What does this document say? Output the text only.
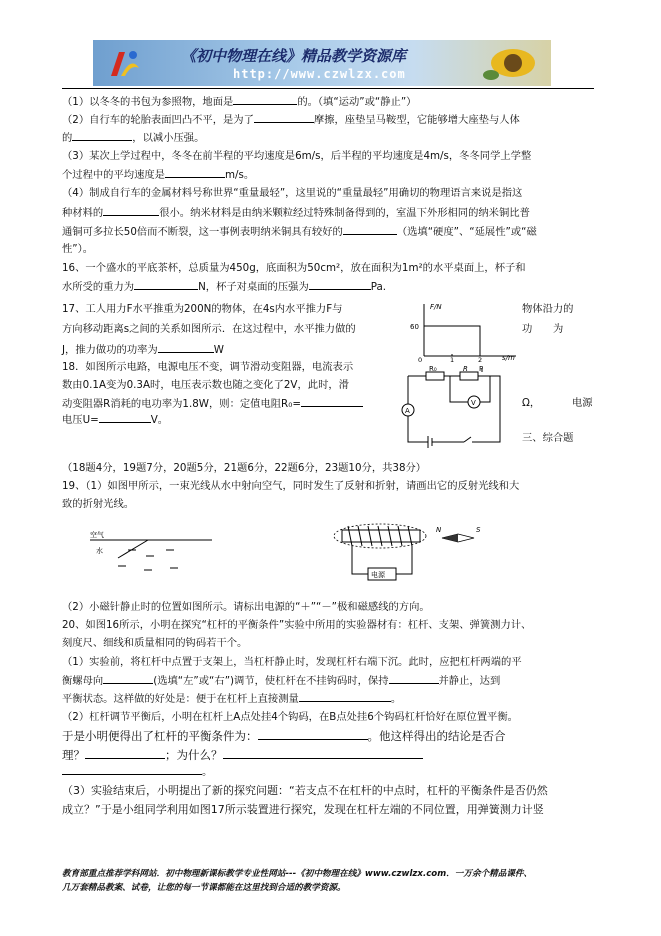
《初中物理在线》精品教学资源库
http://www.czwlzx.com
（1）以冬冬的书包为参照物，地面是	的。（填“运动”或“静止”）
（2）自行车的轮胎表面凹凸不平，是为了	摩擦，座垫呈马鞍型，它能够增大座垫与人体
的	，以减小压强。
（3）某次上学过程中，冬冬在前半程的平均速度是6m/s，后半程的平均速度是4m/s，冬冬同学上学整
个过程中的平均速度是	m/s。
（4）制成自行车的金属材料号称世界“重量最轻”，这里说的“重量最轻”用确切的物理语言来说是指这
种材料的	很小。纳米材料是由纳米颗粒经过特殊制备得到的，室温下外形相同的纳米铜比普
通铜可多拉长50倍而不断裂，这一事例表明纳米铜具有较好的	（选填“硬度”、“延展性”或“磁
性”）。
16、一个盛水的平底茶杯，总质量为450g，底面积为50cm²，放在面积为1m²的水平桌面上，杯子和
水所受的重力为	N，杯子对桌面的压强为	Pa.
17、工人用力F水平推重为200N的物体，在4s内水平推力F与	物体沿力的
方向移动距离s之间的关系如图所示．在这过程中，水平推力做的	功 为
J，推力做功的功率为	W
F/N
60
0	1	2	s/m
18．如图所示电路，电源电压不变，调节滑动变阻器，电流表示
数由0.1A变为0.3A时，电压表示数也随之变化了2V，此时，滑
动变阻器R消耗的电功率为1.8W，则：定值电阻R₀=	Ω，	电源
电压U=	V。
三、综合题
R₀	R P
A
V
（18题4分，19题7分，20题5分，21题6分，22题6分，23题10分，共38分）
19、（1）如图甲所示，一束光线从水中射向空气，同时发生了反射和折射，请画出它的反射光线和大
致的折射光线。
空气
水
电源
N	S
（2）小磁针静止时的位置如图所示。请标出电源的“＋”“－”极和磁感线的方向。
20、如图16所示，小明在探究“杠杆的平衡条件”实验中所用的实验器材有：杠杆、支架、弹簧测力计、
刻度尺、细线和质量相同的钩码若干个。
（1）实验前，将杠杆中点置于支架上，当杠杆静止时，发现杠杆右端下沉。此时，应把杠杆两端的平
衡螺母向	(选填“左”或“右”)调节，使杠杆在不挂钩码时，保持	并静止，达到
平衡状态。这样做的好处是：便于在杠杆上直接测量	。
（2）杠杆调节平衡后，小明在杠杆上A点处挂4个钩码，在B点处挂6个钩码杠杆恰好在原位置平衡。
于是小明便得出了杠杆的平衡条件为：	。他这样得出的结论是否合
理？	；为什么？
。
（3）实验结束后，小明提出了新的探究问题：“若支点不在杠杆的中点时，杠杆的平衡条件是否仍然
成立？”于是小组同学利用如图17所示装置进行探究，发现在杠杆左端的不同位置，用弹簧测力计竖
教育部重点推荐学科网站．初中物理新课标教学专业性网站---《初中物理在线》www.czwlzx.com．一万余个精品课件、
几万套精品教案、试卷，让您的每一节课都能在这里找到合适的教学资源。
